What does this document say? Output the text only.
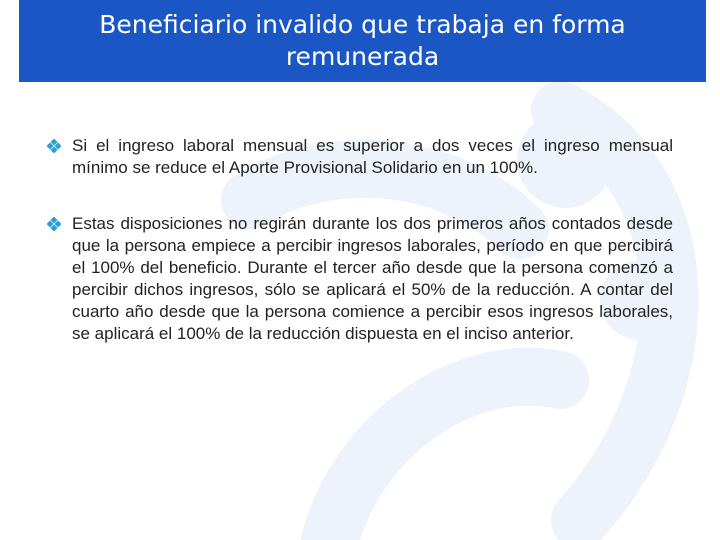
Beneficiario invalido que trabaja en forma remunerada
Si el ingreso laboral mensual es superior a dos veces el ingreso mensual mínimo se reduce el Aporte Provisional Solidario en un 100%.
Estas disposiciones no regirán durante los dos primeros años contados desde que la persona empiece a percibir ingresos laborales, período en que percibirá el 100% del beneficio. Durante el tercer año desde que la persona comenzó a percibir dichos ingresos, sólo se aplicará el 50% de la reducción. A contar del cuarto año desde que la persona comience a percibir esos ingresos laborales, se aplicará el 100% de la reducción dispuesta en el inciso anterior.
